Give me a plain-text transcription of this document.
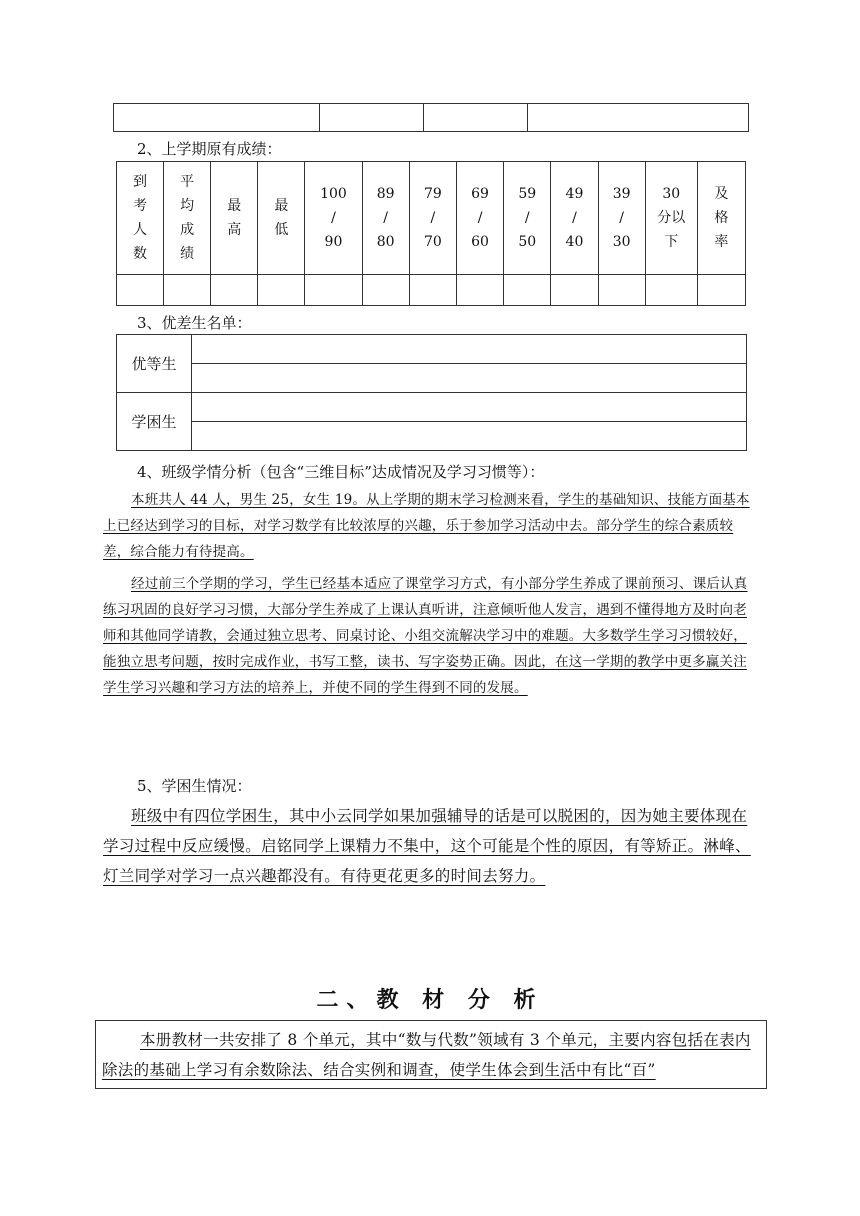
2、上学期原有成绩：
到
考
人
数	平
均
成
绩	最
高	最
低	100
/
90	89
/
80	79
/
70	69
/
60	59
/
50	49
/
40	39
/
30	30
分以
下	及
格
率

3、优差生名单：
优等生	

学困生	

4、班级学情分析（包含“三维目标”达成情况及学习习惯等）：

本班共人 44 人，男生 25，女生 19。从上学期的期末学习检测来看，学生的基础知识、技能方面基本上已经达到学习的目标，对学习数学有比较浓厚的兴趣，乐于参加学习活动中去。部分学生的综合素质较差，综合能力有待提高。

经过前三个学期的学习，学生已经基本适应了课堂学习方式，有小部分学生养成了课前预习、课后认真练习巩固的良好学习习惯，大部分学生养成了上课认真听讲，注意倾听他人发言，遇到不懂得地方及时向老师和其他同学请教，会通过独立思考、同桌讨论、小组交流解决学习中的难题。大多数学生学习习惯较好，能独立思考问题，按时完成作业，书写工整，读书、写字姿势正确。因此，在这一学期的教学中更多赢关注学生学习兴趣和学习方法的培养上，并使不同的学生得到不同的发展。

5、学困生情况：

班级中有四位学困生，其中小云同学如果加强辅导的话是可以脱困的，因为她主要体现在学习过程中反应缓慢。启铭同学上课精力不集中，这个可能是个性的原因，有等矫正。淋峰、灯兰同学对学习一点兴趣都没有。有待更花更多的时间去努力。

二、教 材 分 析

本册教材一共安排了 8 个单元，其中“数与代数”领域有 3 个单元，主要内容包括在表内除法的基础上学习有余数除法、结合实例和调查，使学生体会到生活中有比“百”
